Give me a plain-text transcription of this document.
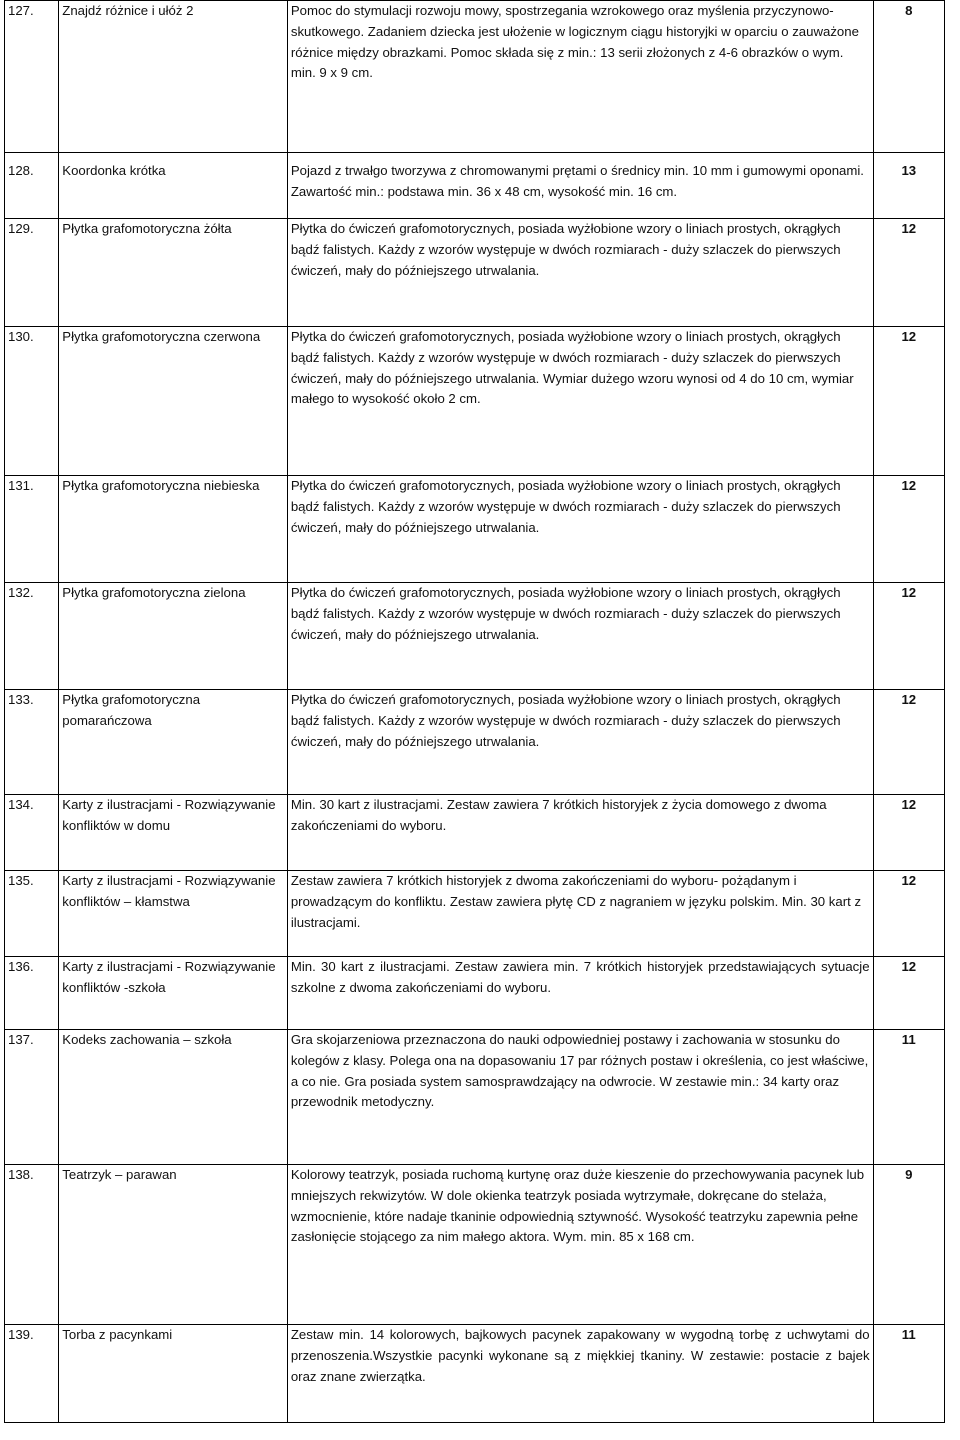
127.	Znajdź różnice i ułóż 2	Pomoc do stymulacji rozwoju mowy, spostrzegania wzrokowego oraz myślenia przyczynowo-skutkowego. Zadaniem dziecka jest ułożenie w logicznym ciągu historyjki w oparciu o zauważone różnice między obrazkami. Pomoc składa się z min.: 13 serii złożonych z 4-6 obrazków o wym. min. 9 x 9 cm.	8
128.	Koordonka krótka	Pojazd z trwałgo tworzywa z chromowanymi prętami o średnicy min. 10 mm i gumowymi oponami. Zawartość min.: podstawa min. 36 x 48 cm, wysokość min. 16 cm.	13
129.	Płytka grafomotoryczna żółta	Płytka do ćwiczeń grafomotorycznych, posiada wyżłobione wzory o liniach prostych, okrągłych bądź falistych. Każdy z wzorów występuje w dwóch rozmiarach - duży szlaczek do pierwszych ćwiczeń, mały do późniejszego utrwalania.	12
130.	Płytka grafomotoryczna czerwona	Płytka do ćwiczeń grafomotorycznych, posiada wyżłobione wzory o liniach prostych, okrągłych bądź falistych. Każdy z wzorów występuje w dwóch rozmiarach - duży szlaczek do pierwszych ćwiczeń, mały do późniejszego utrwalania. Wymiar dużego wzoru wynosi od 4 do 10 cm, wymiar małego to wysokość około 2 cm.	12
131.	Płytka grafomotoryczna niebieska	Płytka do ćwiczeń grafomotorycznych, posiada wyżłobione wzory o liniach prostych, okrągłych bądź falistych. Każdy z wzorów występuje w dwóch rozmiarach - duży szlaczek do pierwszych ćwiczeń, mały do późniejszego utrwalania.	12
132.	Płytka grafomotoryczna zielona	Płytka do ćwiczeń grafomotorycznych, posiada wyżłobione wzory o liniach prostych, okrągłych bądź falistych. Każdy z wzorów występuje w dwóch rozmiarach - duży szlaczek do pierwszych ćwiczeń, mały do późniejszego utrwalania.	12
133.	Płytka grafomotoryczna pomarańczowa	Płytka do ćwiczeń grafomotorycznych, posiada wyżłobione wzory o liniach prostych, okrągłych bądź falistych. Każdy z wzorów występuje w dwóch rozmiarach - duży szlaczek do pierwszych ćwiczeń, mały do późniejszego utrwalania.	12
134.	Karty z ilustracjami - Rozwiązywanie konfliktów w domu	Min. 30 kart z ilustracjami. Zestaw zawiera 7 krótkich historyjek z życia domowego z dwoma zakończeniami do wyboru.	12
135.	Karty z ilustracjami - Rozwiązywanie konfliktów – kłamstwa	Zestaw zawiera 7 krótkich historyjek z dwoma zakończeniami do wyboru- pożądanym i prowadzącym do konfliktu. Zestaw zawiera płytę CD z nagraniem w języku polskim. Min. 30 kart z ilustracjami.	12
136.	Karty z ilustracjami - Rozwiązywanie konfliktów -szkoła	Min. 30 kart z ilustracjami. Zestaw zawiera min. 7 krótkich historyjek przedstawiających sytuacje szkolne z dwoma zakończeniami do wyboru.	12
137.	Kodeks zachowania – szkoła	Gra skojarzeniowa przeznaczona do nauki odpowiedniej postawy i zachowania w stosunku do kolegów z klasy. Polega ona na dopasowaniu 17 par różnych postaw i określenia, co jest właściwe, a co nie. Gra posiada system samosprawdzający na odwrocie. W zestawie min.: 34 karty oraz przewodnik metodyczny.	11
138.	Teatrzyk – parawan	Kolorowy teatrzyk, posiada ruchomą kurtynę oraz duże kieszenie do przechowywania pacynek lub mniejszych rekwizytów. W dole okienka teatrzyk posiada wytrzymałe, dokręcane do stelaża, wzmocnienie, które nadaje tkaninie odpowiednią sztywność. Wysokość teatrzyku zapewnia pełne zasłonięcie stojącego za nim małego aktora. Wym. min. 85 x 168 cm.	9
139.	Torba z pacynkami	Zestaw min. 14 kolorowych, bajkowych pacynek zapakowany w wygodną torbę z uchwytami do przenoszenia.Wszystkie pacynki wykonane są z miękkiej tkaniny. W zestawie: postacie z bajek oraz znane zwierzątka.	11
